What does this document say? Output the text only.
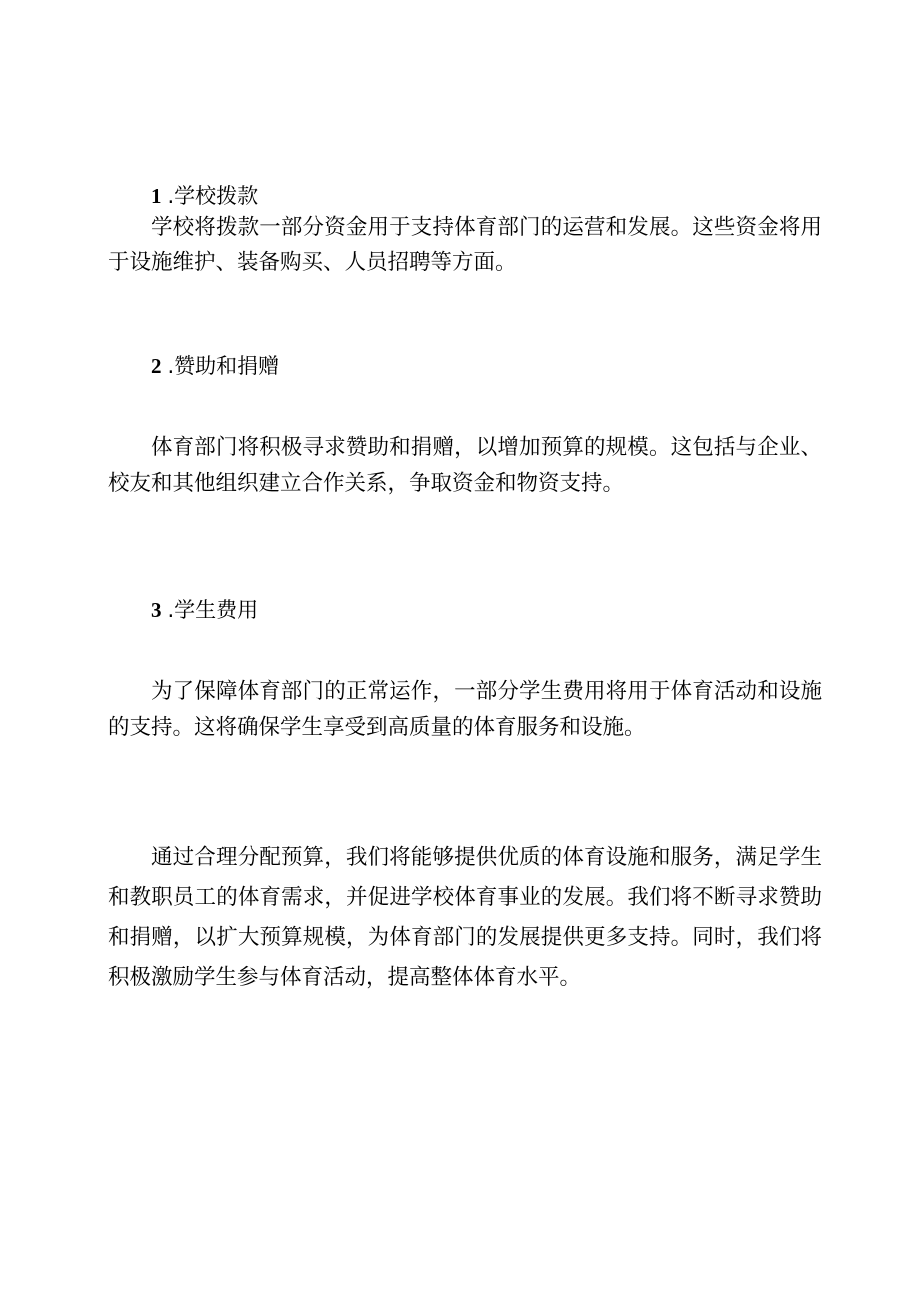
1 .学校拨款

学校将拨款一部分资金用于支持体育部门的运营和发展。这些资金将用于设施维护、装备购买、人员招聘等方面。

2 .赞助和捐赠

体育部门将积极寻求赞助和捐赠，以增加预算的规模。这包括与企业、校友和其他组织建立合作关系，争取资金和物资支持。

3 .学生费用

为了保障体育部门的正常运作，一部分学生费用将用于体育活动和设施的支持。这将确保学生享受到高质量的体育服务和设施。

通过合理分配预算，我们将能够提供优质的体育设施和服务，满足学生和教职员工的体育需求，并促进学校体育事业的发展。我们将不断寻求赞助和捐赠，以扩大预算规模，为体育部门的发展提供更多支持。同时，我们将积极激励学生参与体育活动，提高整体体育水平。
